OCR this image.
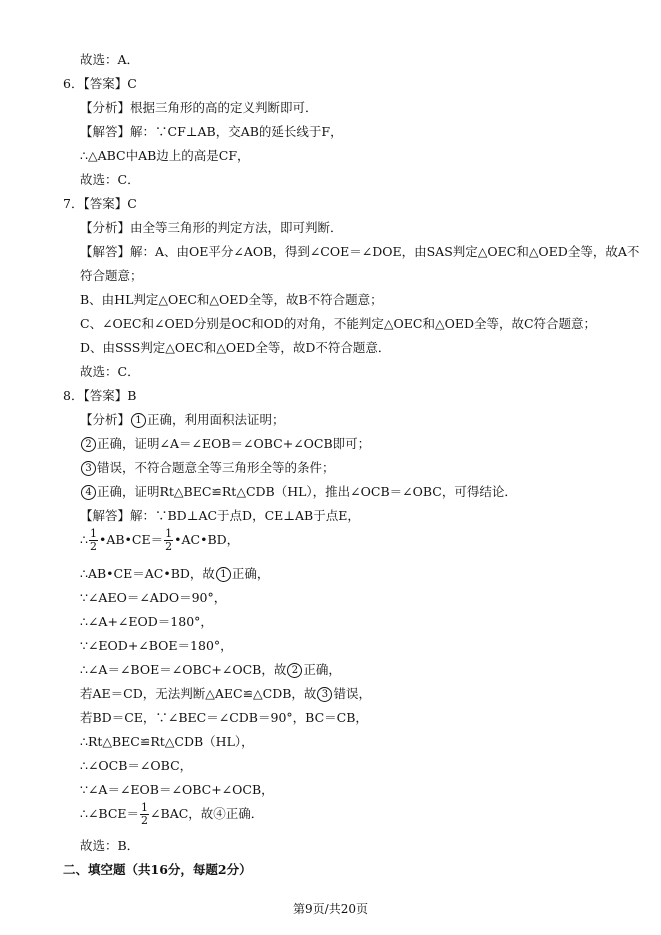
故选：A．
6．【答案】C
【分析】根据三角形的高的定义判断即可．
【解答】解：∵CF⊥AB，交AB的延长线于F，
∴△ABC中AB边上的高是CF，
故选：C．
7．【答案】C
【分析】由全等三角形的判定方法，即可判断．
【解答】解：A、由OE平分∠AOB，得到∠COE＝∠DOE，由SAS判定△OEC和△OED全等，故A不
符合题意；
B、由HL判定△OEC和△OED全等，故B不符合题意；
C、∠OEC和∠OED分别是OC和OD的对角，不能判定△OEC和△OED全等，故C符合题意；
D、由SSS判定△OEC和△OED全等，故D不符合题意．
故选：C．
8．【答案】B
【分析】 1 正确，利用面积法证明；
2 正确，证明∠A＝∠EOB＝∠OBC+∠OCB即可；
3 错误，不符合题意全等三角形全等的条件；
4 正确，证明Rt△BEC≌Rt△CDB（HL），推出∠OCB＝∠OBC，可得结论．
【解答】解：∵BD⊥AC于点D，CE⊥AB于点E，
∴AB•CE＝AC•BD，故 1 正确，
∵∠AEO＝∠ADO＝90°，
∴∠A+∠EOD＝180°，
∵∠EOD+∠BOE＝180°，
∴∠A＝∠BOE＝∠OBC+∠OCB，故 2 正确，
若AE＝CD，无法判断△AEC≌△CDB，故 3 错误，
若BD＝CE，∵∠BEC＝∠CDB＝90°，BC＝CB，
∴Rt△BEC≌Rt△CDB（HL），
∴∠OCB＝∠OBC，
∵∠A＝∠EOB＝∠OBC+∠OCB，
故选：B．
二、填空题（共16分，每题2分）
∴ $\frac{1}{2}$ •AB•CE＝ $\frac{1}{2}$ •AC•BD，
∴∠BCE＝ $\frac{1}{2}$ ∠BAC，故④正确．
第9页/共20页
